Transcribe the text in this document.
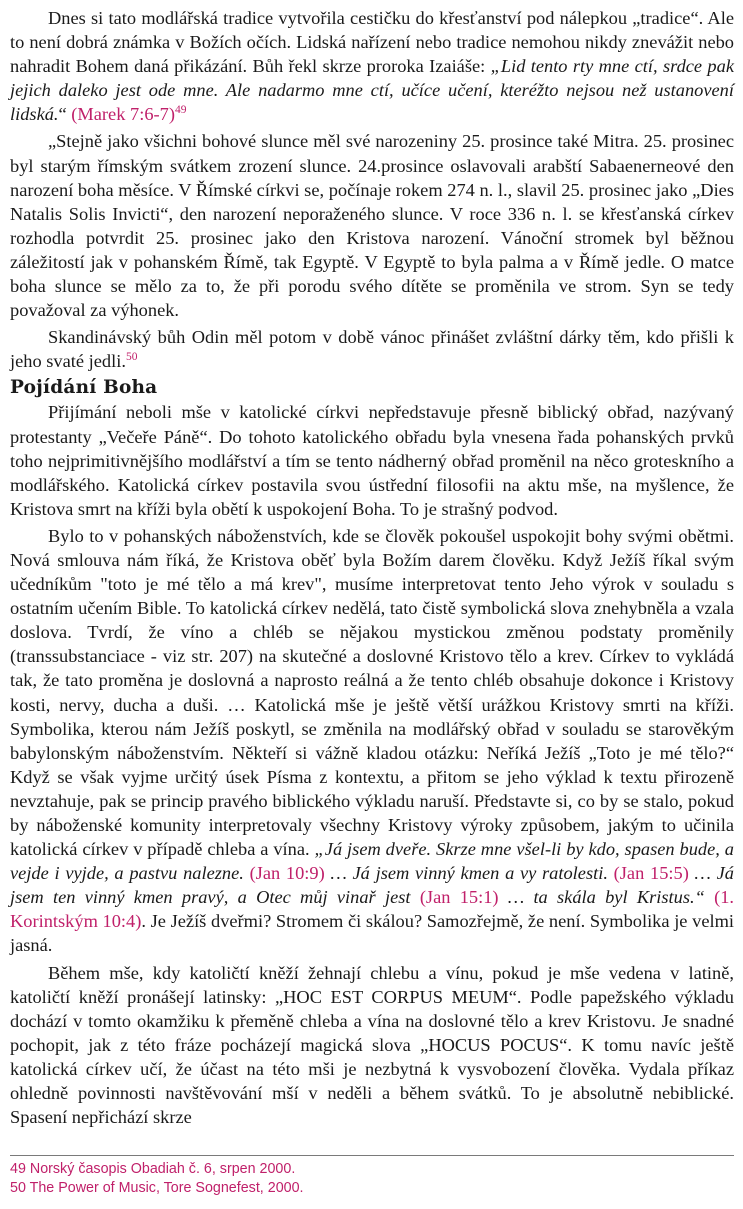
Dnes si tato modlářská tradice vytvořila cestičku do křesťanství pod nálepkou „tradice“. Ale to není dobrá známka v Božích očích. Lidská nařízení nebo tradice nemohou nikdy znevážit nebo nahradit Bohem daná přikázání. Bůh řekl skrze proroka Izaiáše: „Lid tento rty mne ctí, srdce pak jejich daleko jest ode mne. Ale nadarmo mne ctí, učíce učení, kteréžto nejsou než ustanovení lidská.“ (Marek 7:6-7)$^{49}$

„Stejně jako všichni bohové slunce měl své narozeniny 25. prosince také Mitra. 25. prosinec byl starým římským svátkem zrození slunce. 24.prosince oslavovali arabští Sabaenerneové den narození boha měsíce. V Římské církvi se, počínaje rokem 274 n. l., slavil 25. prosinec jako „Dies Natalis Solis Invicti“, den narození neporaženého slunce. V roce 336 n. l. se křesťanská církev rozhodla potvrdit 25. prosinec jako den Kristova narození. Vánoční stromek byl běžnou záležitostí jak v pohanském Římě, tak Egyptě. V Egyptě to byla palma a v Římě jedle. O matce boha slunce se mělo za to, že při porodu svého dítěte se proměnila ve strom. Syn se tedy považoval za výhonek.

Skandinávský bůh Odin měl potom v době vánoc přinášet zvláštní dárky těm, kdo přišli k jeho svaté jedli.$^{50}$

Pojídání Boha

Přijímání neboli mše v katolické církvi nepředstavuje přesně biblický obřad, nazývaný protestanty „Večeře Páně“. Do tohoto katolického obřadu byla vnesena řada pohanských prvků toho nejprimitivnějšího modlářství a tím se tento nádherný obřad proměnil na něco groteskního a modlářského. Katolická církev postavila svou ústřední filosofii na aktu mše, na myšlence, že Kristova smrt na kříži byla obětí k uspokojení Boha. To je strašný podvod.

Bylo to v pohanských náboženstvích, kde se člověk pokoušel uspokojit bohy svými obětmi. Nová smlouva nám říká, že Kristova oběť byla Božím darem člověku. Když Ježíš říkal svým učedníkům "toto je mé tělo a má krev", musíme interpretovat tento Jeho výrok v souladu s ostatním učením Bible. To katolická církev nedělá, tato čistě symbolická slova znehybněla a vzala doslova. Tvrdí, že víno a chléb se nějakou mystickou změnou podstaty proměnily (transsubstanciace - viz str. 207) na skutečné a doslovné Kristovo tělo a krev. Církev to vykládá tak, že tato proměna je doslovná a naprosto reálná a že tento chléb obsahuje dokonce i Kristovy kosti, nervy, ducha a duši. … Katolická mše je ještě větší urážkou Kristovy smrti na kříži. Symbolika, kterou nám Ježíš poskytl, se změnila na modlářský obřad v souladu se starověkým babylonským náboženstvím. Někteří si vážně kladou otázku: Neříká Ježíš „Toto je mé tělo?“ Když se však vyjme určitý úsek Písma z kontextu, a přitom se jeho výklad k textu přirozeně nevztahuje, pak se princip pravého biblického výkladu naruší. Představte si, co by se stalo, pokud by náboženské komunity interpretovaly všechny Kristovy výroky způsobem, jakým to učinila katolická církev v případě chleba a vína. „Já jsem dveře. Skrze mne všel-li by kdo, spasen bude, a vejde i vyjde, a pastvu nalezne. (Jan 10:9) … Já jsem vinný kmen a vy ratolesti. (Jan 15:5) … Já jsem ten vinný kmen pravý, a Otec můj vinař jest (Jan 15:1) … ta skála byl Kristus.“ (1. Korintským 10:4). Je Ježíš dveřmi? Stromem či skálou? Samozřejmě, že není. Symbolika je velmi jasná.

Během mše, kdy katoličtí kněží žehnají chlebu a vínu, pokud je mše vedena v latině, katoličtí kněží pronášejí latinsky: „HOC EST CORPUS MEUM“. Podle papežského výkladu dochází v tomto okamžiku k přeměně chleba a vína na doslovné tělo a krev Kristovu. Je snadné pochopit, jak z této fráze pocházejí magická slova „HOCUS POCUS“. K tomu navíc ještě katolická církev učí, že účast na této mši je nezbytná k vysvobození člověka. Vydala příkaz ohledně povinnosti navštěvování mší v neděli a během svátků. To je absolutně nebiblické. Spasení nepřichází skrze

49 Norský časopis Obadiah č. 6, srpen 2000.
50 The Power of Music, Tore Sognefest, 2000.
